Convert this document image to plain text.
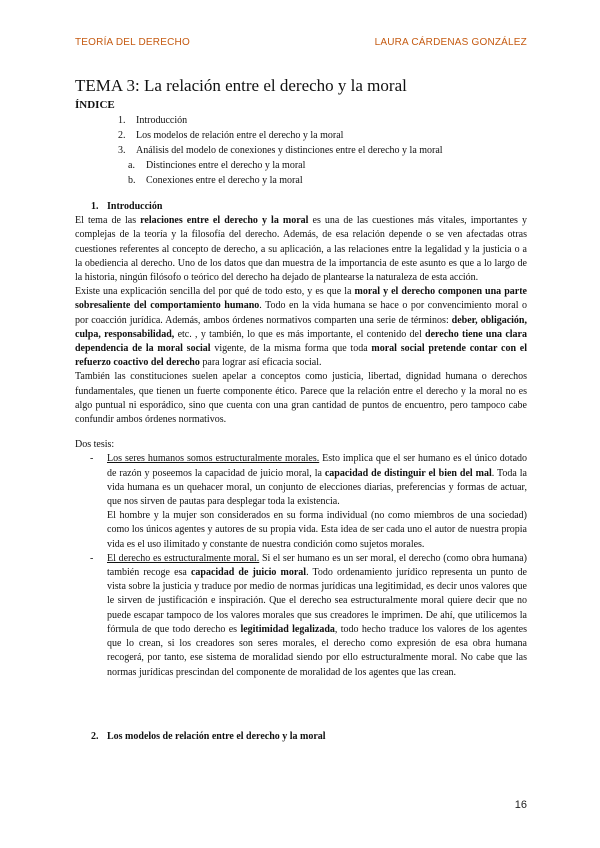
TEORÍA DEL DERECHO	LAURA CÁRDENAS GONZÁLEZ
TEMA 3: La relación entre el derecho y la moral
ÍNDICE
1. Introducción
2. Los modelos de relación entre el derecho y la moral
3. Análisis del modelo de conexiones y distinciones entre el derecho y la moral
a. Distinciones entre el derecho y la moral
b. Conexiones entre el derecho y la moral

1. Introducción

El tema de las relaciones entre el derecho y la moral es una de las cuestiones más vitales, importantes y complejas de la teoría y la filosofía del derecho. Además, de esa relación depende o se ven afectadas otras cuestiones referentes al concepto de derecho, a su aplicación, a las relaciones entre la legalidad y la justicia o a la obediencia al derecho. Uno de los datos que dan muestra de la importancia de este asunto es que a lo largo de la historia, ningún filósofo o teórico del derecho ha dejado de plantearse la naturaleza de esta acción.

Existe una explicación sencilla del por qué de todo esto, y es que la moral y el derecho componen una parte sobresaliente del comportamiento humano. Todo en la vida humana se hace o por convencimiento moral o por coacción jurídica. Además, ambos órdenes normativos comparten una serie de términos: deber, obligación, culpa, responsabilidad, etc. , y también, lo que es más importante, el contenido del derecho tiene una clara dependencia de la moral social vigente, de la misma forma que toda moral social pretende contar con el refuerzo coactivo del derecho para lograr así eficacia social.

También las constituciones suelen apelar a conceptos como justicia, libertad, dignidad humana o derechos fundamentales, que tienen un fuerte componente ético. Parece que la relación entre el derecho y la moral no es algo puntual ni esporádico, sino que cuenta con una gran cantidad de puntos de encuentro, pero tampoco cabe confundir ambos órdenes normativos.

Dos tesis:

- Los seres humanos somos estructuralmente morales. Esto implica que el ser humano es el único dotado de razón y poseemos la capacidad de juicio moral, la capacidad de distinguir el bien del mal. Toda la vida humana es un quehacer moral, un conjunto de elecciones diarias, preferencias y formas de actuar, que nos sirven de pautas para desplegar toda la existencia.

El hombre y la mujer son considerados en su forma individual (no como miembros de una sociedad) como los únicos agentes y autores de su propia vida. Esta idea de ser cada uno el autor de nuestra propia vida es el uso ilimitado y constante de nuestra condición como sujetos morales.

- El derecho es estructuralmente moral. Si el ser humano es un ser moral, el derecho (como obra humana) también recoge esa capacidad de juicio moral. Todo ordenamiento jurídico representa un punto de vista sobre la justicia y traduce por medio de normas jurídicas una legitimidad, es decir unos valores que le sirven de justificación e inspiración. Que el derecho sea estructuralmente moral quiere decir que no puede escapar tampoco de los valores morales que sus creadores le imprimen. De ahí, que utilicemos la fórmula de que todo derecho es legitimidad legalizada, todo hecho traduce los valores de los agentes que lo crean, si los creadores son seres morales, el derecho como expresión de esa obra humana recogerá, por tanto, ese sistema de moralidad siendo por ello estructuralmente moral. No cabe que las normas jurídicas prescindan del componente de moralidad de los agentes que las crean.

2. Los modelos de relación entre el derecho y la moral
16
